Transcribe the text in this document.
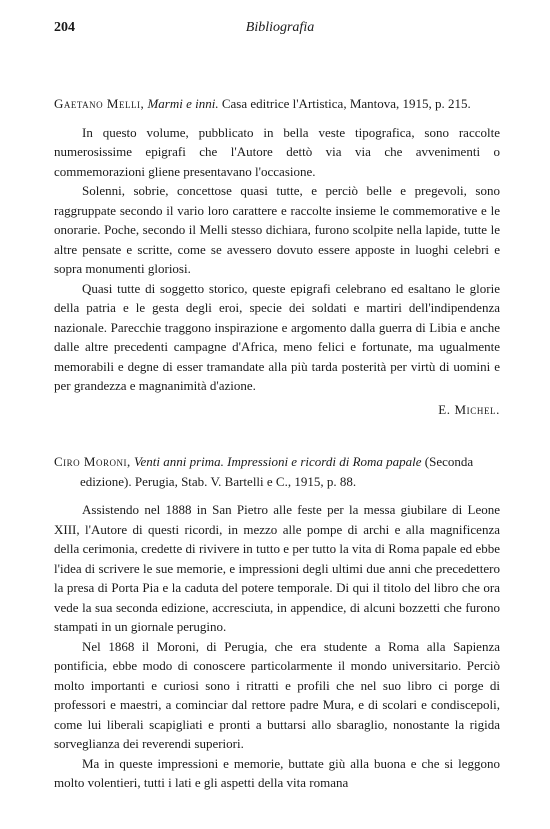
204	Bibliografia

Gaetano Melli, Marmi e inni. Casa editrice l'Artistica, Mantova, 1915, p. 215.

In questo volume, pubblicato in bella veste tipografica, sono raccolte numerosissime epigrafi che l'Autore dettò via via che avvenimenti o commemorazioni gliene presentavano l'occasione.

Solenni, sobrie, concettose quasi tutte, e perciò belle e pregevoli, sono raggruppate secondo il vario loro carattere e raccolte insieme le commemorative e le onorarie. Poche, secondo il Melli stesso dichiara, furono scolpite nella lapide, tutte le altre pensate e scritte, come se avessero dovuto essere apposte in luoghi celebri e sopra monumenti gloriosi.

Quasi tutte di soggetto storico, queste epigrafi celebrano ed esaltano le glorie della patria e le gesta degli eroi, specie dei soldati e martiri dell'indipendenza nazionale. Parecchie traggono inspirazione e argomento dalla guerra di Libia e anche dalle altre precedenti campagne d'Africa, meno felici e fortunate, ma ugualmente memorabili e degne di esser tramandate alla più tarda posterità per virtù di uomini e per grandezza e magnanimità d'azione.

E. Michel.

Ciro Moroni, Venti anni prima. Impressioni e ricordi di Roma papale (Seconda edizione). Perugia, Stab. V. Bartelli e C., 1915, p. 88.

Assistendo nel 1888 in San Pietro alle feste per la messa giubilare di Leone XIII, l'Autore di questi ricordi, in mezzo alle pompe di archi e alla magnificenza della cerimonia, credette di rivivere in tutto e per tutto la vita di Roma papale ed ebbe l'idea di scrivere le sue memorie, e impressioni degli ultimi due anni che precedettero la presa di Porta Pia e la caduta del potere temporale. Di qui il titolo del libro che ora vede la sua seconda edizione, accresciuta, in appendice, di alcuni bozzetti che furono stampati in un giornale perugino.

Nel 1868 il Moroni, di Perugia, che era studente a Roma alla Sapienza pontificia, ebbe modo di conoscere particolarmente il mondo universitario. Perciò molto importanti e curiosi sono i ritratti e profili che nel suo libro ci porge di professori e maestri, a cominciar dal rettore padre Mura, e di scolari e condiscepoli, come lui liberali scapigliati e pronti a buttarsi allo sbaraglio, nonostante la rigida sorveglianza dei reverendi superiori.

Ma in queste impressioni e memorie, buttate giù alla buona e che si leggono molto volentieri, tutti i lati e gli aspetti della vita romana
